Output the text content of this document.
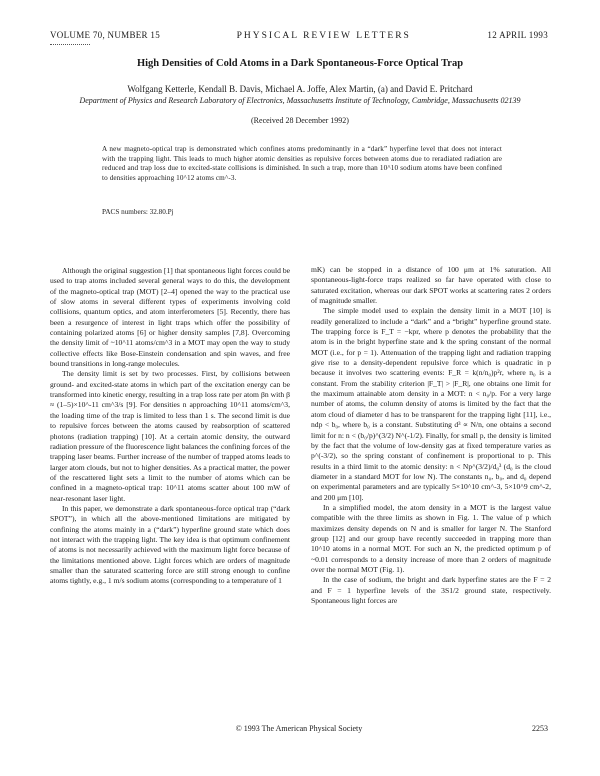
VOLUME 70, NUMBER 15	PHYSICAL REVIEW LETTERS	12 APRIL 1993
High Densities of Cold Atoms in a Dark Spontaneous-Force Optical Trap
Wolfgang Ketterle, Kendall B. Davis, Michael A. Joffe, Alex Martin, (a) and David E. Pritchard
Department of Physics and Research Laboratory of Electronics, Massachusetts Institute of Technology, Cambridge, Massachusetts 02139
(Received 28 December 1992)
A new magneto-optical trap is demonstrated which confines atoms predominantly in a “dark” hyperfine level that does not interact with the trapping light. This leads to much higher atomic densities as repulsive forces between atoms due to reradiated radiation are reduced and trap loss due to excited-state collisions is diminished. In such a trap, more than 10^10 sodium atoms have been confined to densities approaching 10^12 atoms cm^-3.
PACS numbers: 32.80.Pj

Although the original suggestion [1] that spontaneous light forces could be used to trap atoms included several general ways to do this, the development of the magneto-optical trap (MOT) [2–4] opened the way to the practical use of slow atoms in several different types of experiments involving cold collisions, quantum optics, and atom interferometers [5]. Recently, there has been a resurgence of interest in light traps which offer the possibility of containing polarized atoms [6] or higher density samples [7,8]. Overcoming the density limit of ~10^11 atoms/cm^3 in a MOT may open the way to study collective effects like Bose-Einstein condensation and spin waves, and free bound transitions in long-range molecules.

The density limit is set by two processes. First, by collisions between ground- and excited-state atoms in which part of the excitation energy can be transformed into kinetic energy, resulting in a trap loss rate per atom βn with β ≈ (1–5)×10^-11 cm^3/s [9]. For densities n approaching 10^11 atoms/cm^3, the loading time of the trap is limited to less than 1 s. The second limit is due to repulsive forces between the atoms caused by reabsorption of scattered photons (radiation trapping) [10]. At a certain atomic density, the outward radiation pressure of the fluorescence light balances the confining forces of the trapping laser beams. Further increase of the number of trapped atoms leads to larger atom clouds, but not to higher densities. As a practical matter, the power of the rescattered light sets a limit to the number of atoms which can be confined in a magneto-optical trap: 10^11 atoms scatter about 100 mW of near-resonant laser light.

In this paper, we demonstrate a dark spontaneous-force optical trap (“dark SPOT”), in which all the above-mentioned limitations are mitigated by confining the atoms mainly in a (“dark”) hyperfine ground state which does not interact with the trapping light. The key idea is that optimum confinement of atoms is not necessarily achieved with the maximum light force because of the limitations mentioned above. Light forces which are orders of magnitude smaller than the saturated scattering force are still strong enough to confine atoms tightly, e.g., 1 m/s sodium atoms (corresponding to a temperature of 1

mK) can be stopped in a distance of 100 μm at 1% saturation. All spontaneous-light-force traps realized so far have operated with close to saturated excitation, whereas our dark SPOT works at scattering rates 2 orders of magnitude smaller.

The simple model used to explain the density limit in a MOT [10] is readily generalized to include a “dark” and a “bright” hyperfine ground state. The trapping force is F_T = −kpr, where p denotes the probability that the atom is in the bright hyperfine state and k the spring constant of the normal MOT (i.e., for p = 1). Attenuation of the trapping light and radiation trapping give rise to a density-dependent repulsive force which is quadratic in p because it involves two scattering events: F_R = k(n/n₀)p²r, where n₀ is a constant. From the stability criterion |F_T| > |F_R|, one obtains one limit for the maximum attainable atom density in a MOT: n < n₀/p. For a very large number of atoms, the column density of atoms is limited by the fact that the atom cloud of diameter d has to be transparent for the trapping light [11], i.e., ndp < b₀, where b₀ is a constant. Substituting d³ ∝ N/n, one obtains a second limit for n: n < (b₀/p)^(3/2) N^(-1/2). Finally, for small p, the density is limited by the fact that the volume of low-density gas at fixed temperature varies as p^(-3/2), so the spring constant of confinement is proportional to p. This results in a third limit to the atomic density: n < Np^(3/2)/d₀³ (d₀ is the cloud diameter in a standard MOT for low N). The constants n₀, b₀, and d₀ depend on experimental parameters and are typically 5×10^10 cm^-3, 5×10^9 cm^-2, and 200 μm [10].

In a simplified model, the atom density in a MOT is the largest value compatible with the three limits as shown in Fig. 1. The value of p which maximizes density depends on N and is smaller for larger N. The Stanford group [12] and our group have recently succeeded in trapping more than 10^10 atoms in a normal MOT. For such an N, the predicted optimum p of ~0.01 corresponds to a density increase of more than 2 orders of magnitude over the normal MOT (Fig. 1).

In the case of sodium, the bright and dark hyperfine states are the F = 2 and F = 1 hyperfine levels of the 3S1/2 ground state, respectively. Spontaneous light forces are

© 1993 The American Physical Society	2253
